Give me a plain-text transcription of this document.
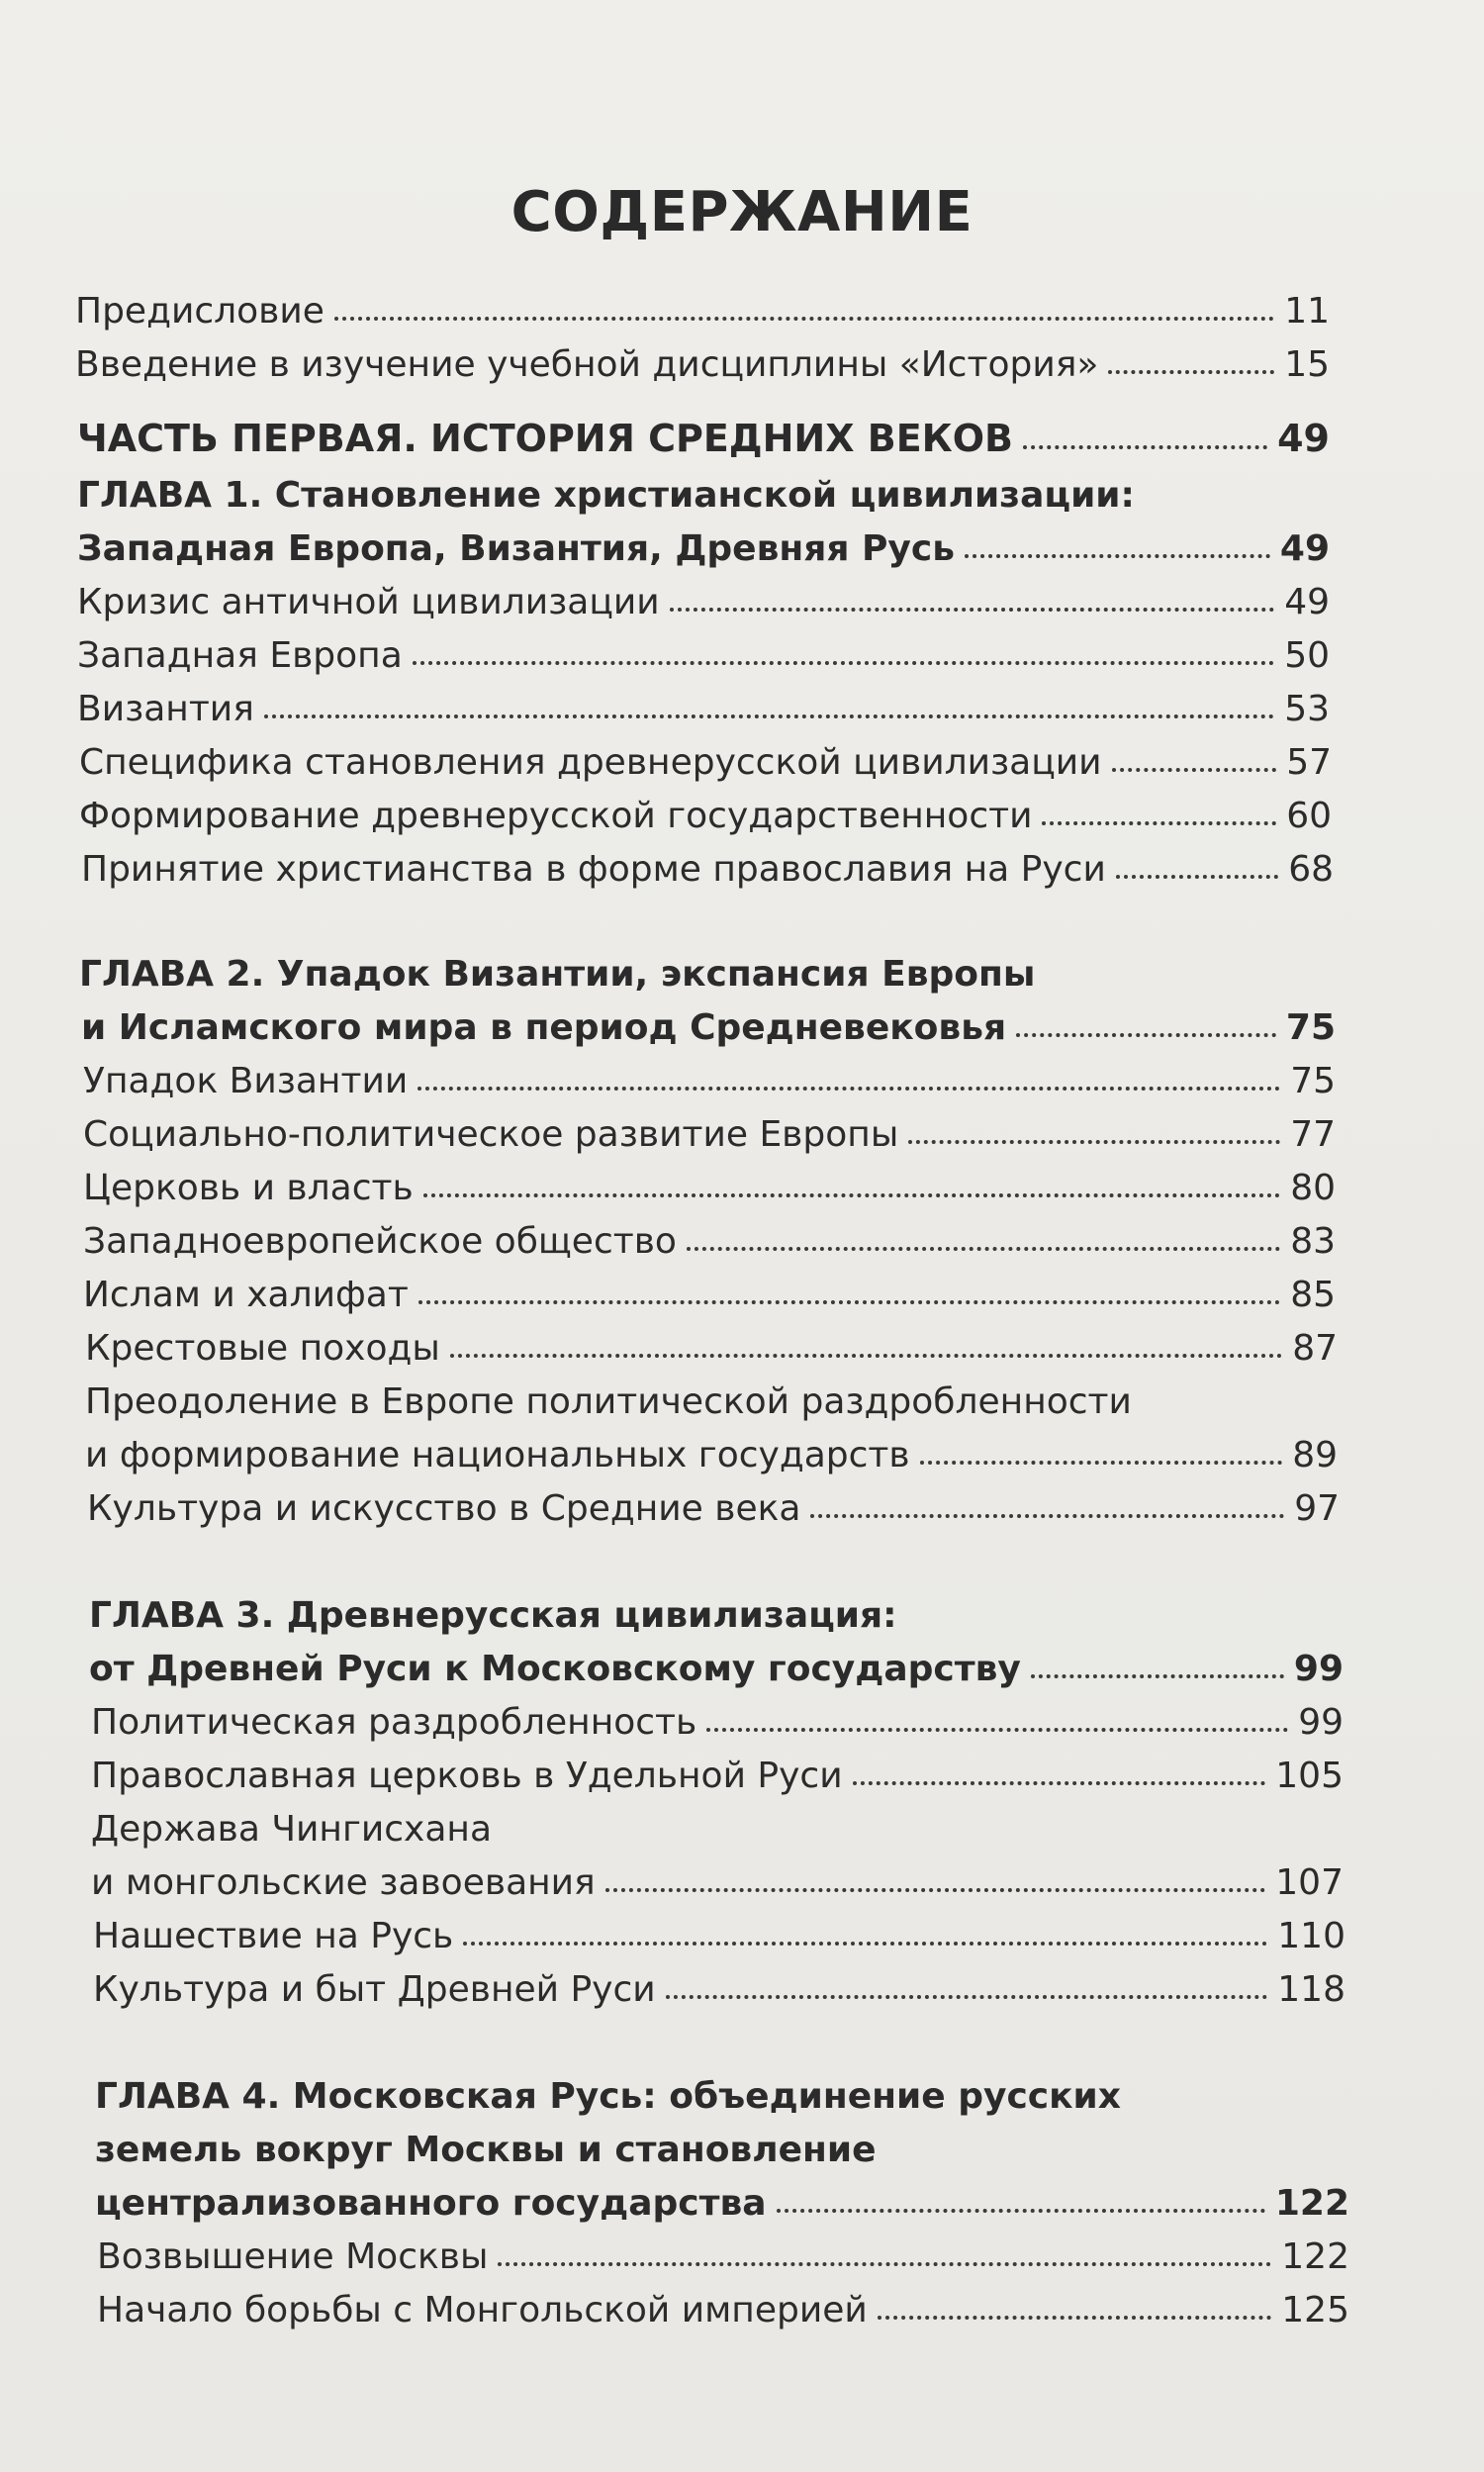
СОДЕРЖАНИЕ
Предисловие	11
Введение в изучение учебной дисциплины «История»	15
ЧАСТЬ ПЕРВАЯ. ИСТОРИЯ СРЕДНИХ ВЕКОВ	49
ГЛАВА 1. Становление христианской цивилизации:
Западная Европа, Византия, Древняя Русь	49
Кризис античной цивилизации	49
Западная Европа	50
Византия	53
Специфика становления древнерусской цивилизации	57
Формирование древнерусской государственности	60
Принятие христианства в форме православия на Руси	68
ГЛАВА 2. Упадок Византии, экспансия Европы
и Исламского мира в период Средневековья	75
Упадок Византии	75
Социально-политическое развитие Европы	77
Церковь и власть	80
Западноевропейское общество	83
Ислам и халифат	85
Крестовые походы	87
Преодоление в Европе политической раздробленности
и формирование национальных государств	89
Культура и искусство в Средние века	97
ГЛАВА 3. Древнерусская цивилизация:
от Древней Руси к Московскому государству	99
Политическая раздробленность	99
Православная церковь в Удельной Руси	105
Держава Чингисхана
и монгольские завоевания	107
Нашествие на Русь	110
Культура и быт Древней Руси	118
ГЛАВА 4. Московская Русь: объединение русских
земель вокруг Москвы и становление
централизованного государства	122
Возвышение Москвы	122
Начало борьбы с Монгольской империей	125
